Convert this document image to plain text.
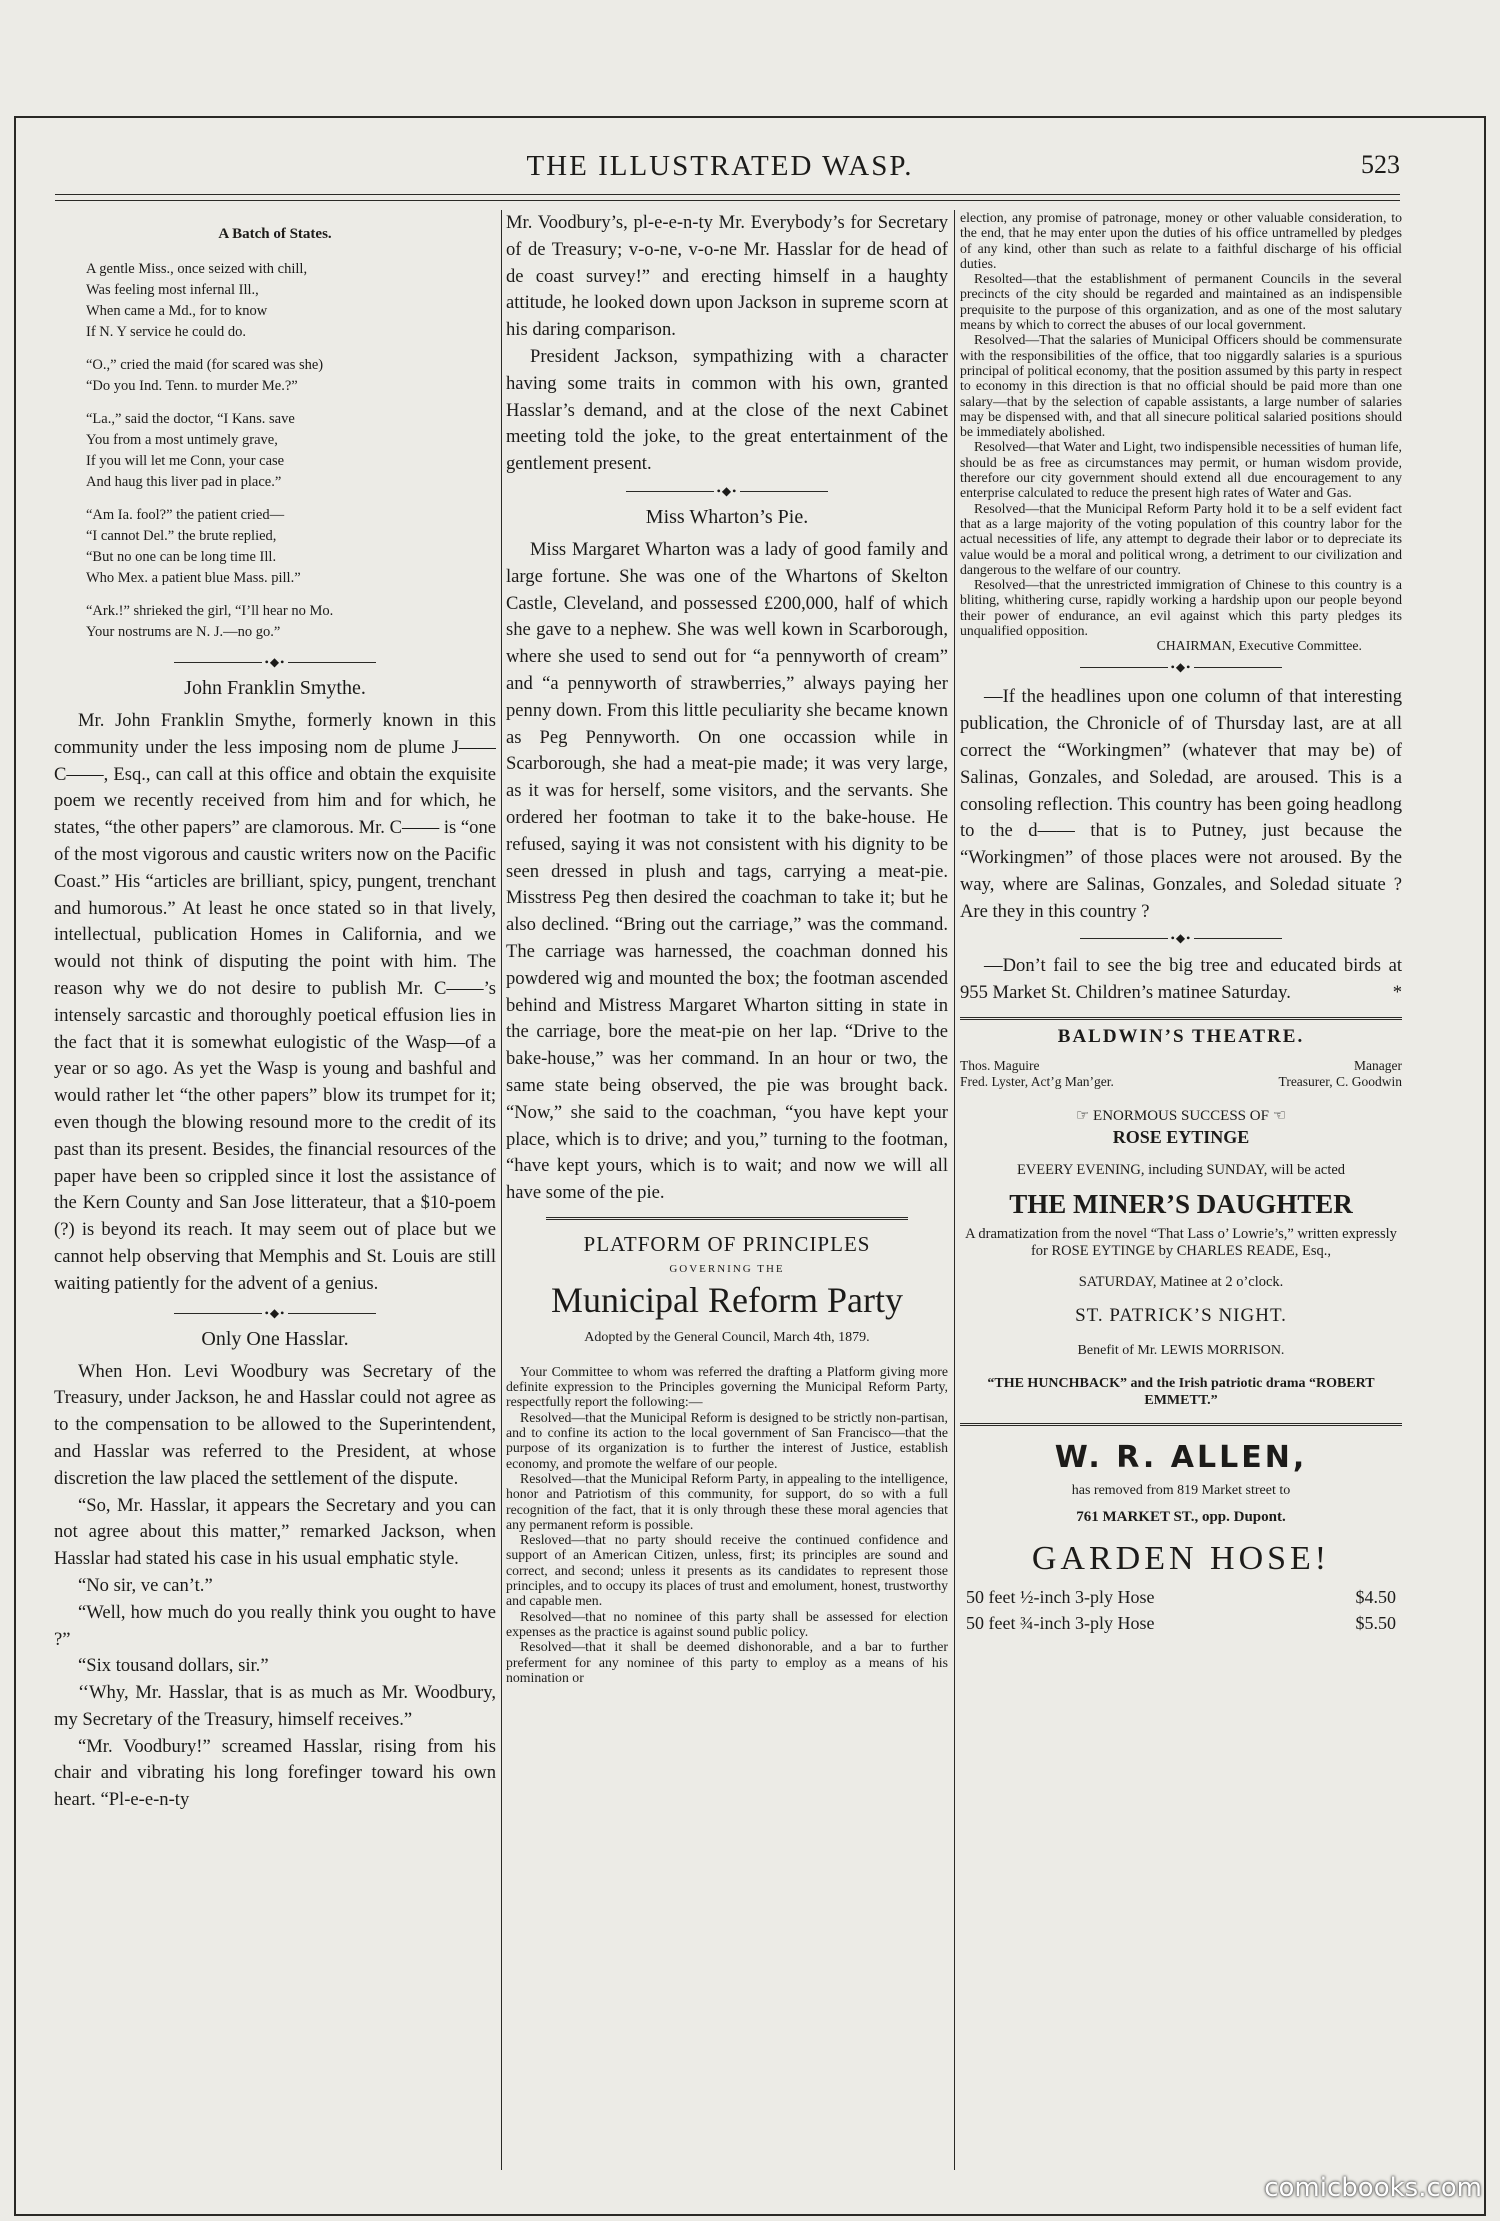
THE ILLUSTRATED WASP.	523
A Batch of States.

A gentle Miss., once seized with chill,
Was feeling most infernal Ill.,
When came a Md., for to know
If N. Y service he could do.

“O.,” cried the maid (for scared was she)
“Do you Ind. Tenn. to murder Me.?”

“La.,” said the doctor, “I Kans. save
You from a most untimely grave,
If you will let me Conn, your case
And haug this liver pad in place.”

“Am Ia. fool?” the patient cried—
“I cannot Del.” the brute replied,
“But no one can be long time Ill.
Who Mex. a patient blue Mass. pill.”

“Ark.!” shrieked the girl, “I’ll hear no Mo.
Your nostrums are N. J.—no go.”

•◆•
John Franklin Smythe.

Mr. John Franklin Smythe, formerly known in this community under the less imposing nom de plume J—— C——, Esq., can call at this office and obtain the exquisite poem we recently received from him and for which, he states, “the other papers” are clamorous. Mr. C—— is “one of the most vigorous and caustic writers now on the Pacific Coast.” His “articles are brilliant, spicy, pungent, trenchant and humorous.” At least he once stated so in that lively, intellectual, publication Homes in California, and we would not think of disputing the point with him. The reason why we do not desire to publish Mr. C——’s intensely sarcastic and thoroughly poetical effusion lies in the fact that it is somewhat eulogistic of the Wasp—of a year or so ago. As yet the Wasp is young and bashful and would rather let “the other papers” blow its trumpet for it; even though the blowing resound more to the credit of its past than its present. Besides, the financial resources of the paper have been so crippled since it lost the assistance of the Kern County and San Jose litterateur, that a $10-poem (?) is beyond its reach. It may seem out of place but we cannot help observing that Memphis and St. Louis are still waiting patiently for the advent of a genius.

•◆•
Only One Hasslar.

When Hon. Levi Woodbury was Secretary of the Treasury, under Jackson, he and Hasslar could not agree as to the compensation to be allowed to the Superintendent, and Hasslar was referred to the President, at whose discretion the law placed the settlement of the dispute.

“So, Mr. Hasslar, it appears the Secretary and you can not agree about this matter,” remarked Jackson, when Hasslar had stated his case in his usual emphatic style.

“No sir, ve can’t.”

“Well, how much do you really think you ought to have ?”

“Six tousand dollars, sir.”

‘‘Why, Mr. Hasslar, that is as much as Mr. Woodbury, my Secretary of the Treasury, himself receives.”

“Mr. Voodbury!” screamed Hasslar, rising from his chair and vibrating his long forefinger toward his own heart. “Pl-e-e-n-ty

Mr. Voodbury’s, pl-e-e-n-ty Mr. Everybody’s for Secretary of de Treasury; v-o-ne, v-o-ne Mr. Hasslar for de head of de coast survey!” and erecting himself in a haughty attitude, he looked down upon Jackson in supreme scorn at his daring comparison.

President Jackson, sympathizing with a character having some traits in common with his own, granted Hasslar’s demand, and at the close of the next Cabinet meeting told the joke, to the great entertainment of the gentlement present.

•◆•
Miss Wharton’s Pie.

Miss Margaret Wharton was a lady of good family and large fortune. She was one of the Whartons of Skelton Castle, Cleveland, and possessed £200,000, half of which she gave to a nephew. She was well kown in Scarborough, where she used to send out for “a pennyworth of cream” and “a pennyworth of strawberries,” always paying her penny down. From this little peculiarity she became known as Peg Pennyworth. On one occassion while in Scarborough, she had a meat-pie made; it was very large, as it was for herself, some visitors, and the servants. She ordered her footman to take it to the bake-house. He refused, saying it was not consistent with his dignity to be seen dressed in plush and tags, carrying a meat-pie. Misstress Peg then desired the coachman to take it; but he also declined. “Bring out the carriage,” was the command. The carriage was harnessed, the coachman donned his powdered wig and mounted the box; the footman ascended behind and Mistress Margaret Wharton sitting in state in the carriage, bore the meat-pie on her lap. “Drive to the bake-house,” was her command. In an hour or two, the same state being observed, the pie was brought back. “Now,” she said to the coachman, “you have kept your place, which is to drive; and you,” turning to the footman, “have kept yours, which is to wait; and now we will all have some of the pie.

PLATFORM OF PRINCIPLES
GOVERNING THE
Municipal Reform Party
Adopted by the General Council, March 4th, 1879.

Your Committee to whom was referred the drafting a Platform giving more definite expression to the Principles governing the Municipal Reform Party, respectfully report the following:—

Resolved—that the Municipal Reform is designed to be strictly non-partisan, and to confine its action to the local government of San Francisco—that the purpose of its organization is to further the interest of Justice, establish economy, and promote the welfare of our people.

Resolved—that the Municipal Reform Party, in appealing to the intelligence, honor and Patriotism of this community, for support, do so with a full recognition of the fact, that it is only through these these moral agencies that any permanent reform is possible.

Resloved—that no party should receive the continued confidence and support of an American Citizen, unless, first; its principles are sound and correct, and second; unless it presents as its candidates to represent those principles, and to occupy its places of trust and emolument, honest, trustworthy and capable men.

Resolved—that no nominee of this party shall be assessed for election expenses as the practice is against sound public policy.

Resolved—that it shall be deemed dishonorable, and a bar to further preferment for any nominee of this party to employ as a means of his nomination or

election, any promise of patronage, money or other valuable consideration, to the end, that he may enter upon the duties of his office untramelled by pledges of any kind, other than such as relate to a faithful discharge of his official duties.

Resolted—that the establishment of permanent Councils in the several precincts of the city should be regarded and maintained as an indispensible prequisite to the purpose of this organization, and as one of the most salutary means by which to correct the abuses of our local government.

Resolved—That the salaries of Municipal Officers should be commensurate with the responsibilities of the office, that too niggardly salaries is a spurious principal of political economy, that the position assumed by this party in respect to economy in this direction is that no official should be paid more than one salary—that by the selection of capable assistants, a large number of salaries may be dispensed with, and that all sinecure political salaried positions should be immediately abolished.

Resolved—that Water and Light, two indispensible necessities of human life, should be as free as circumstances may permit, or human wisdom provide, therefore our city government should extend all due encouragement to any enterprise calculated to reduce the present high rates of Water and Gas.

Resolved—that the Municipal Reform Party hold it to be a self evident fact that as a large majority of the voting population of this country labor for the actual necessities of life, any attempt to degrade their labor or to depreciate its value would be a moral and political wrong, a detriment to our civilization and dangerous to the welfare of our country.

Resolved—that the unrestricted immigration of Chinese to this country is a bliting, whithering curse, rapidly working a hardship upon our people beyond their power of endurance, an evil against which this party pledges its unqualified opposition.

CHAIRMAN, Executive Committee.
•◆•

—If the headlines upon one column of that interesting publication, the Chronicle of of Thursday last, are at all correct the “Workingmen” (whatever that may be) of Salinas, Gonzales, and Soledad, are aroused. This is a consoling reflection. This country has been going headlong to the d—— that is to Putney, just because the “Workingmen” of those places were not aroused. By the way, where are Salinas, Gonzales, and Soledad situate ? Are they in this country ?

•◆•

—Don’t fail to see the big tree and educated birds at 955 Market St. Children’s matinee Saturday.	*

BALDWIN’S THEATRE.
Thos. Maguire	Manager
Fred. Lyster, Act’g Man’ger.	Treasurer, C. Goodwin
☞ ENORMOUS SUCCESS OF ☜
ROSE EYTINGE
EVEERY EVENING, including SUNDAY, will be acted
THE MINER’S DAUGHTER
A dramatization from the novel “That Lass o’ Lowrie’s,” written expressly for ROSE EYTINGE by CHARLES READE, Esq.,
SATURDAY, Matinee at 2 o’clock.
ST. PATRICK’S NIGHT.
Benefit of Mr. LEWIS MORRISON.
“THE HUNCHBACK” and the Irish patriotic drama “ROBERT EMMETT.”
W. R. ALLEN,
has removed from 819 Market street to
761 MARKET ST., opp. Dupont.
GARDEN HOSE!
50 feet ½-inch 3-ply Hose	$4.50
50 feet ¾-inch 3-ply Hose	$5.50
comicbooks.com
